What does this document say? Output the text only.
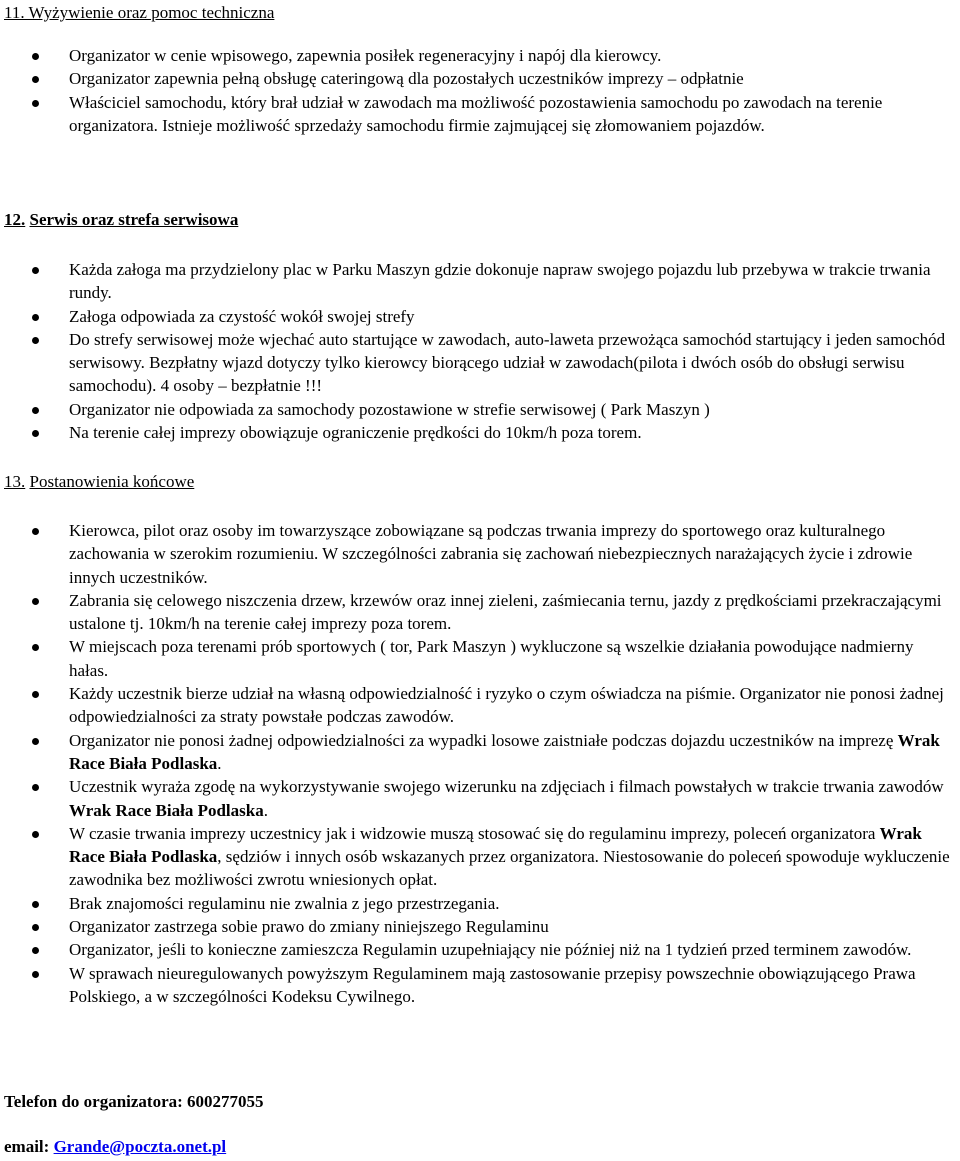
11. Wyżywienie oraz pomoc techniczna
Organizator w cenie wpisowego, zapewnia posiłek regeneracyjny i napój dla kierowcy.
Organizator zapewnia pełną obsługę cateringową dla pozostałych uczestników imprezy – odpłatnie
Właściciel samochodu, który brał udział w zawodach ma możliwość pozostawienia samochodu po zawodach na terenie organizatora. Istnieje możliwość sprzedaży samochodu firmie zajmującej się złomowaniem pojazdów.
12. Serwis oraz strefa serwisowa
Każda załoga ma przydzielony plac w Parku Maszyn gdzie dokonuje napraw swojego pojazdu lub przebywa w trakcie trwania rundy.
Załoga odpowiada za czystość wokół swojej strefy
Do strefy serwisowej może wjechać auto startujące w zawodach, auto-laweta przewożąca samochód startujący i jeden samochód serwisowy. Bezpłatny wjazd dotyczy tylko kierowcy biorącego udział w zawodach(pilota i dwóch osób do obsługi serwisu samochodu). 4 osoby – bezpłatnie !!!
Organizator nie odpowiada za samochody pozostawione w strefie serwisowej ( Park Maszyn )
Na terenie całej imprezy obowiązuje ograniczenie prędkości do 10km/h poza torem.
13. Postanowienia końcowe
Kierowca, pilot oraz osoby im towarzyszące zobowiązane są podczas trwania imprezy do sportowego oraz kulturalnego zachowania w szerokim rozumieniu. W szczególności zabrania się zachowań niebezpiecznych narażających życie i zdrowie innych uczestników.
Zabrania się celowego niszczenia drzew, krzewów oraz innej zieleni, zaśmiecania ternu, jazdy z prędkościami przekraczającymi ustalone tj. 10km/h na terenie całej imprezy poza torem.
W miejscach poza terenami prób sportowych ( tor, Park Maszyn ) wykluczone są wszelkie działania powodujące nadmierny hałas.
Każdy uczestnik bierze udział na własną odpowiedzialność i ryzyko o czym oświadcza na piśmie. Organizator nie ponosi żadnej odpowiedzialności za straty powstałe podczas zawodów.
Organizator nie ponosi żadnej odpowiedzialności za wypadki losowe zaistniałe podczas dojazdu uczestników na imprezę Wrak Race Biała Podlaska.
Uczestnik wyraża zgodę na wykorzystywanie swojego wizerunku na zdjęciach i filmach powstałych w trakcie trwania zawodów Wrak Race Biała Podlaska.
W czasie trwania imprezy uczestnicy jak i widzowie muszą stosować się do regulaminu imprezy, poleceń organizatora Wrak Race Biała Podlaska, sędziów i innych osób wskazanych przez organizatora. Niestosowanie do poleceń spowoduje wykluczenie zawodnika bez możliwości zwrotu wniesionych opłat.
Brak znajomości regulaminu nie zwalnia z jego przestrzegania.
Organizator zastrzega sobie prawo do zmiany niniejszego Regulaminu
Organizator, jeśli to konieczne zamieszcza Regulamin uzupełniający nie później niż na 1 tydzień przed terminem zawodów.
W sprawach nieuregulowanych powyższym Regulaminem mają zastosowanie przepisy powszechnie obowiązującego Prawa Polskiego, a w szczególności Kodeksu Cywilnego.
Telefon do organizatora: 600277055
email: Grande@poczta.onet.pl
